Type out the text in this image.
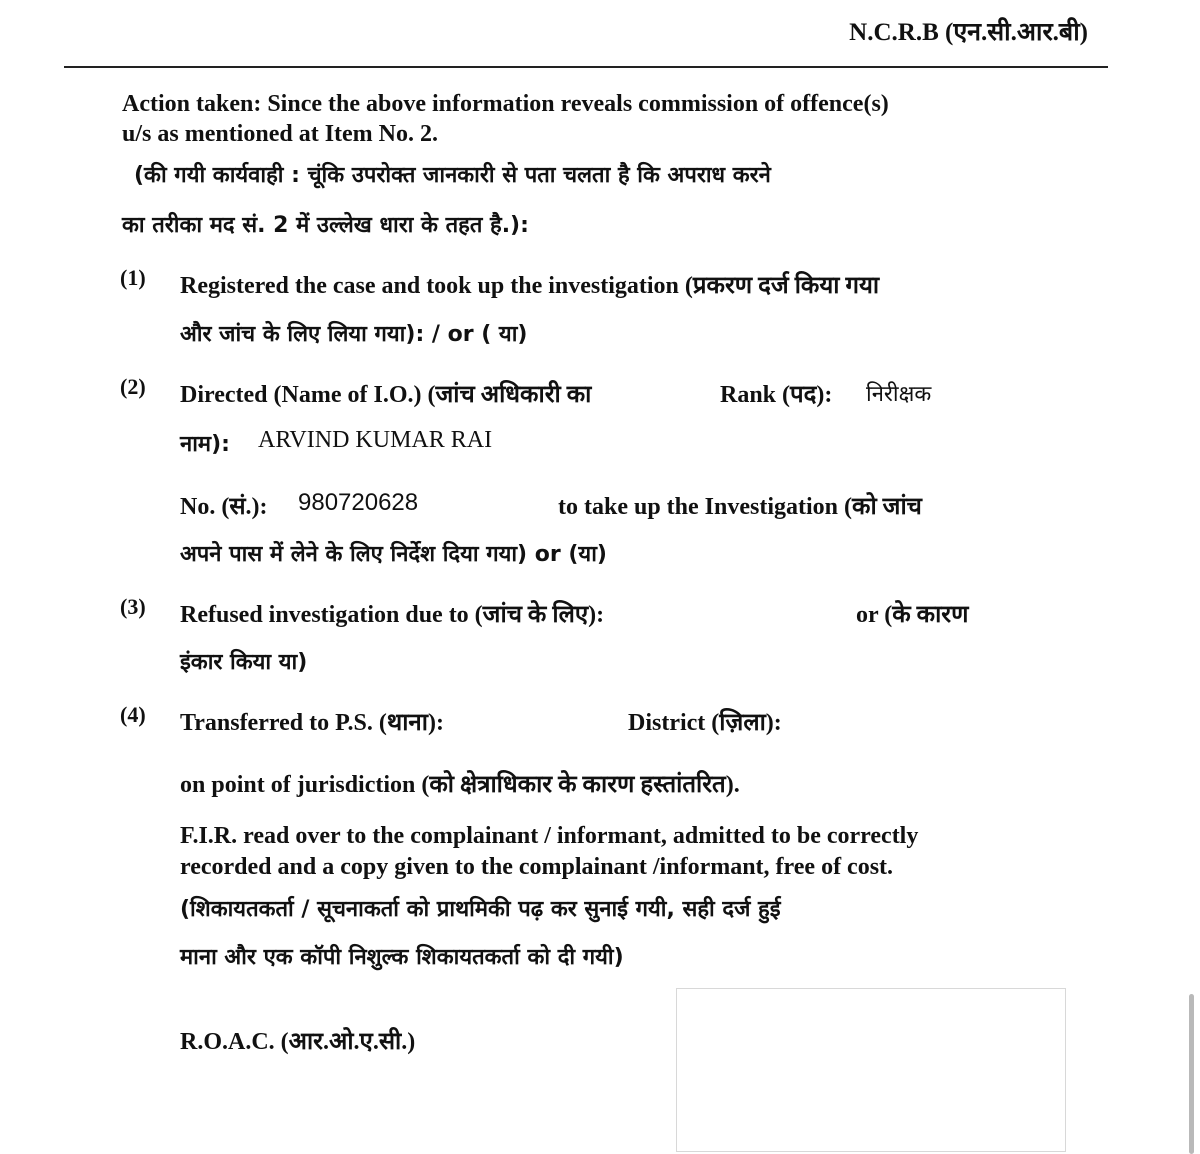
N.C.R.B (एन.सी.आर.बी)
Action taken: Since the above information reveals commission of offence(s)
u/s as mentioned at Item No. 2.
(की गयी कार्यवाही : चूंकि उपरोक्त जानकारी से पता चलता है कि अपराध करने
का तरीका मद सं. 2 में उल्लेख धारा के तहत है.):
(1) Registered the case and took up the investigation (प्रकरण दर्ज किया गया
और जांच के लिए लिया गया): / or ( या)
(2) Directed (Name of I.O.) (जांच अधिकारी का	Rank (पद): निरीक्षक
नाम): ARVIND KUMAR RAI
No. (सं.): 980720628	to take up the Investigation (को जांच
अपने पास में लेने के लिए निर्देश दिया गया) or (या)
(3) Refused investigation due to (जांच के लिए):	or (के कारण
इंकार किया या)
(4) Transferred to P.S. (थाना):	District (ज़िला):
on point of jurisdiction (को क्षेत्राधिकार के कारण हस्तांतरित).
F.I.R. read over to the complainant / informant, admitted to be correctly
recorded and a copy given to the complainant /informant, free of cost.
(शिकायतकर्ता / सूचनाकर्ता को प्राथमिकी पढ़ कर सुनाई गयी, सही दर्ज हुई
माना और एक कॉपी निशुल्क शिकायतकर्ता को दी गयी)
R.O.A.C. (आर.ओ.ए.सी.)
